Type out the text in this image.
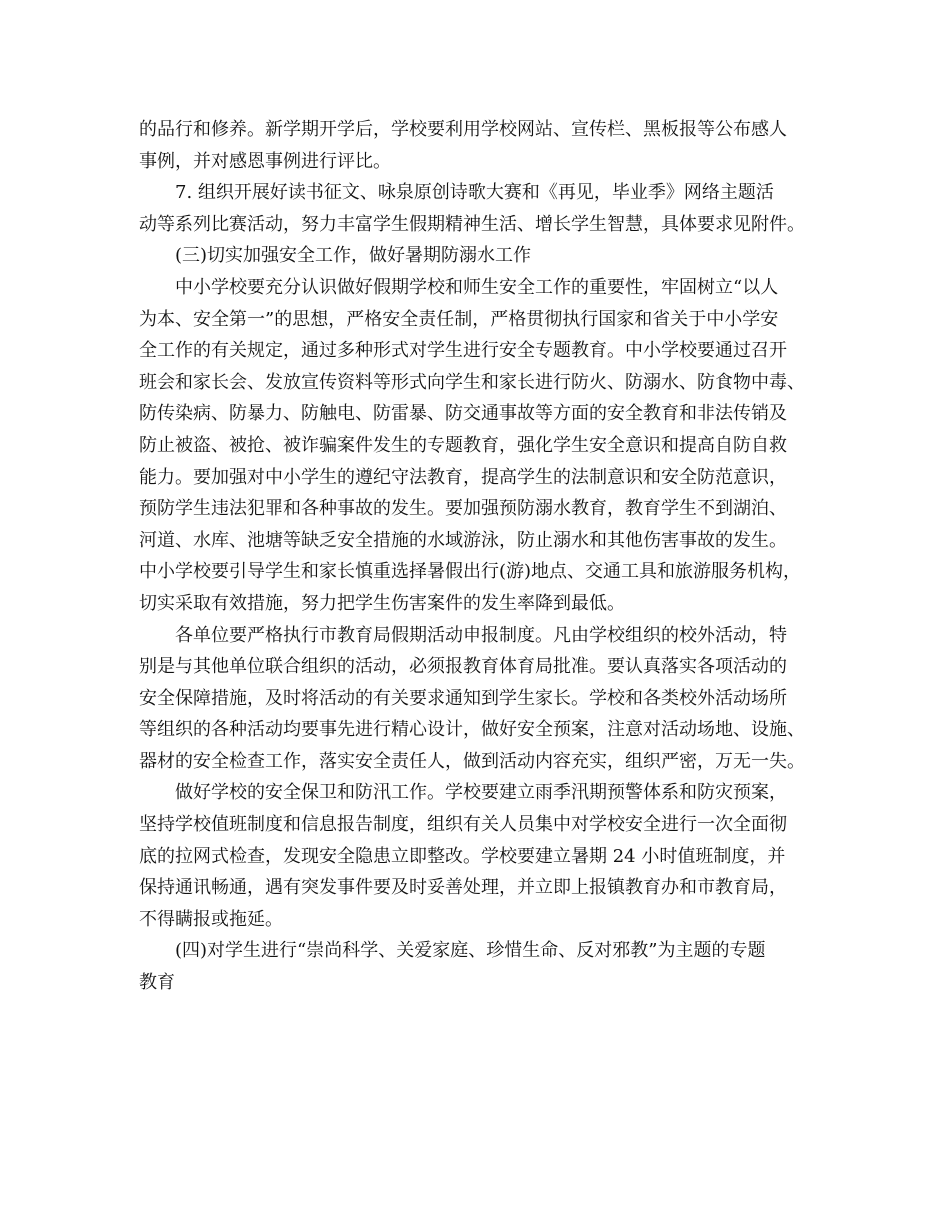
的品行和修养。新学期开学后，学校要利用学校网站、宣传栏、黑板报等公布感人
事例，并对感恩事例进行评比。
7. 组织开展好读书征文、咏泉原创诗歌大赛和《再见，毕业季》网络主题活
动等系列比赛活动，努力丰富学生假期精神生活、增长学生智慧，具体要求见附件。
(三)切实加强安全工作，做好暑期防溺水工作
中小学校要充分认识做好假期学校和师生安全工作的重要性，牢固树立“以人
为本、安全第一”的思想，严格安全责任制，严格贯彻执行国家和省关于中小学安
全工作的有关规定，通过多种形式对学生进行安全专题教育。中小学校要通过召开
班会和家长会、发放宣传资料等形式向学生和家长进行防火、防溺水、防食物中毒、
防传染病、防暴力、防触电、防雷暴、防交通事故等方面的安全教育和非法传销及
防止被盗、被抢、被诈骗案件发生的专题教育，强化学生安全意识和提高自防自救
能力。要加强对中小学生的遵纪守法教育，提高学生的法制意识和安全防范意识，
预防学生违法犯罪和各种事故的发生。要加强预防溺水教育，教育学生不到湖泊、
河道、水库、池塘等缺乏安全措施的水域游泳，防止溺水和其他伤害事故的发生。
中小学校要引导学生和家长慎重选择暑假出行(游)地点、交通工具和旅游服务机构，
切实采取有效措施，努力把学生伤害案件的发生率降到最低。
各单位要严格执行市教育局假期活动申报制度。凡由学校组织的校外活动，特
别是与其他单位联合组织的活动，必须报教育体育局批准。要认真落实各项活动的
安全保障措施，及时将活动的有关要求通知到学生家长。学校和各类校外活动场所
等组织的各种活动均要事先进行精心设计，做好安全预案，注意对活动场地、设施、
器材的安全检查工作，落实安全责任人，做到活动内容充实，组织严密，万无一失。
做好学校的安全保卫和防汛工作。学校要建立雨季汛期预警体系和防灾预案，
坚持学校值班制度和信息报告制度，组织有关人员集中对学校安全进行一次全面彻
底的拉网式检查，发现安全隐患立即整改。学校要建立暑期 24 小时值班制度，并
保持通讯畅通，遇有突发事件要及时妥善处理，并立即上报镇教育办和市教育局，
不得瞒报或拖延。
(四)对学生进行“崇尚科学、关爱家庭、珍惜生命、反对邪教”为主题的专题
教育
